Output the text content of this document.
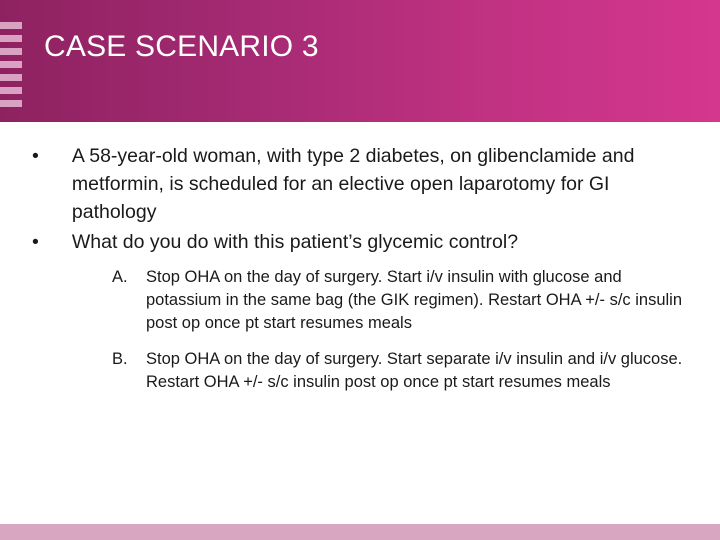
CASE SCENARIO 3
•	A 58-year-old woman, with type 2 diabetes, on glibenclamide and metformin, is scheduled for an elective open laparotomy for GI pathology
•	What do you do with this patient’s glycemic control?
A.	Stop OHA on the day of surgery. Start i/v insulin with glucose and potassium in the same bag (the GIK regimen). Restart OHA +/- s/c insulin post op once pt start resumes meals
B.	Stop OHA on the day of surgery. Start separate i/v insulin and i/v glucose. Restart OHA +/- s/c insulin post op once pt start resumes meals
